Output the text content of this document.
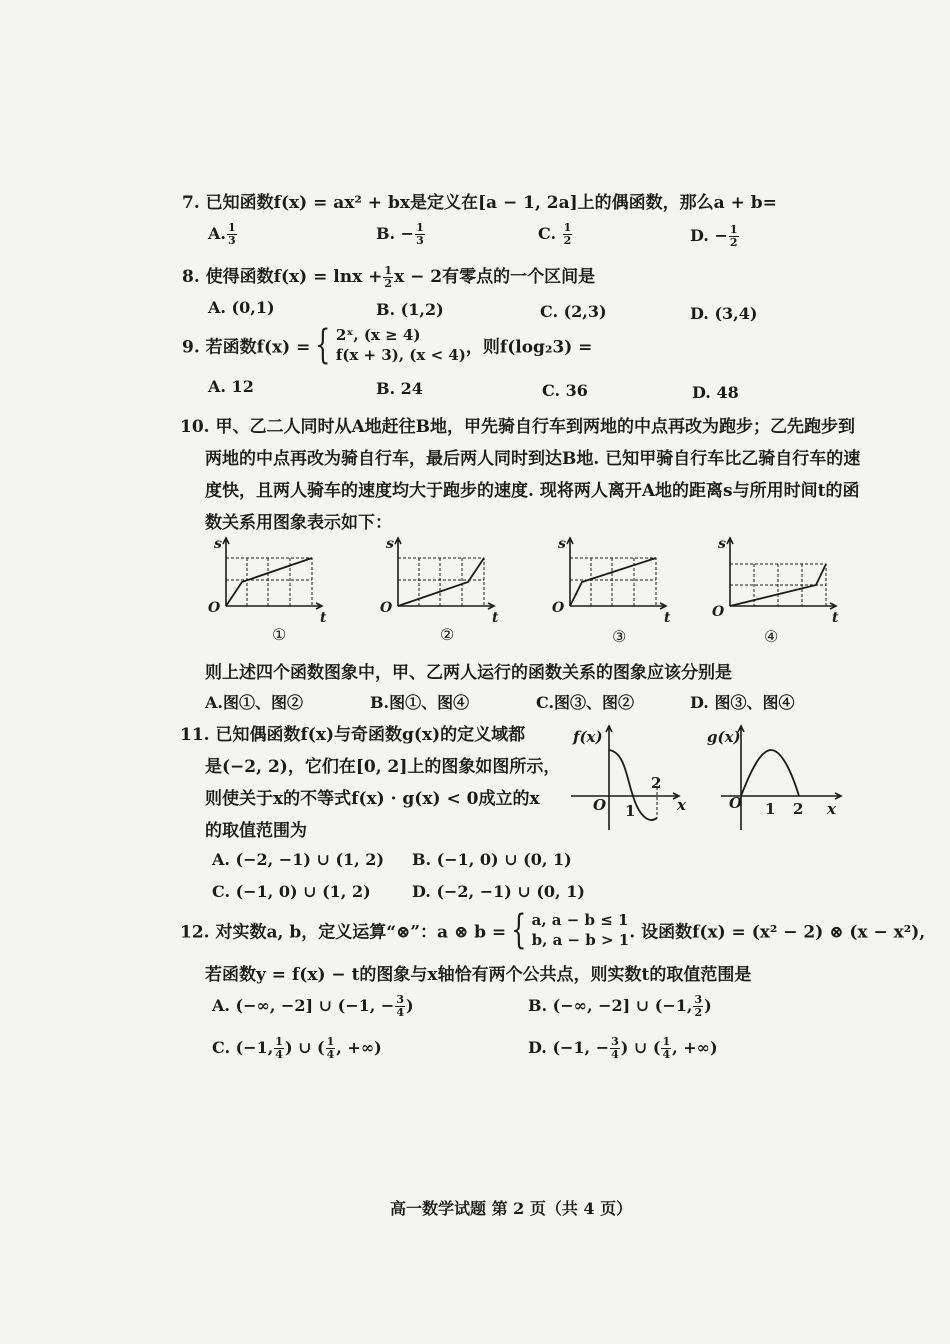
7. 已知函数f(x) = ax² + bx是定义在[a − 1, 2a]上的偶函数，那么a + b=
A. $\frac{1}{3}$	B. − $\frac{1}{3}$	C. $\frac{1}{2}$	D. − $\frac{1}{2}$
8. 使得函数$f(x) = \ln x + \frac{1}{2}$ x − 2有零点的一个区间是
A. (0,1)	B. (1,2)	C. (2,3)	D. (3,4)
9. 若函数f(x) = { 2ˣ, (x ≥ 4)
f(x + 3), (x < 4) ，则f(log₂3) =
A. 12	B. 24	C. 36	D. 48
10. 甲、乙二人同时从A地赶往B地，甲先骑自行车到两地的中点再改为跑步；乙先跑步到
两地的中点再改为骑自行车，最后两人同时到达B地. 已知甲骑自行车比乙骑自行车的速
度快，且两人骑车的速度均大于跑步的速度. 现将两人离开A地的距离s与所用时间t的函
数关系用图象表示如下：
s
O
t
s
O
t
s
O
t
s
O	t
①	②	③	④
则上述四个函数图象中，甲、乙两人运行的函数关系的图象应该分别是
A.图①、图②	B.图①、图④	C.图③、图②	D. 图③、图④
11. 已知偶函数f(x)与奇函数g(x)的定义域都
是(−2, 2)，它们在[0, 2]上的图象如图所示，
则使关于x的不等式f(x) · g(x) < 0成立的x
的取值范围为
f(x)
O 1
2
x
g(x)
O 1 2 x
A. (−2, −1) ∪ (1, 2) B. (−1, 0) ∪ (0, 1)
C. (−1, 0) ∪ (1, 2)	D. (−2, −1) ∪ (0, 1)
12. 对实数a, b，定义运算“⊗”：a ⊗ b = { a, a − b ≤ 1
b, a − b > 1 . 设函数f(x) = (x² − 2) ⊗ (x − x²),
若函数y = f(x) − t的图象与x轴恰有两个公共点，则实数t的取值范围是
A. (−∞, −2] ∪ (−1, − $\frac{3}{4}$ )	B. (−∞, −2] ∪ (−1, $\frac{3}{2}$ )
C. (−1, $\frac{1}{4}$ ) ∪ ( $\frac{1}{4}$ , +∞)	D. (−1, − $\frac{3}{4}$ ) ∪ ( $\frac{1}{4}$ , +∞)
高一数学试题 第 2 页（共 4 页）
